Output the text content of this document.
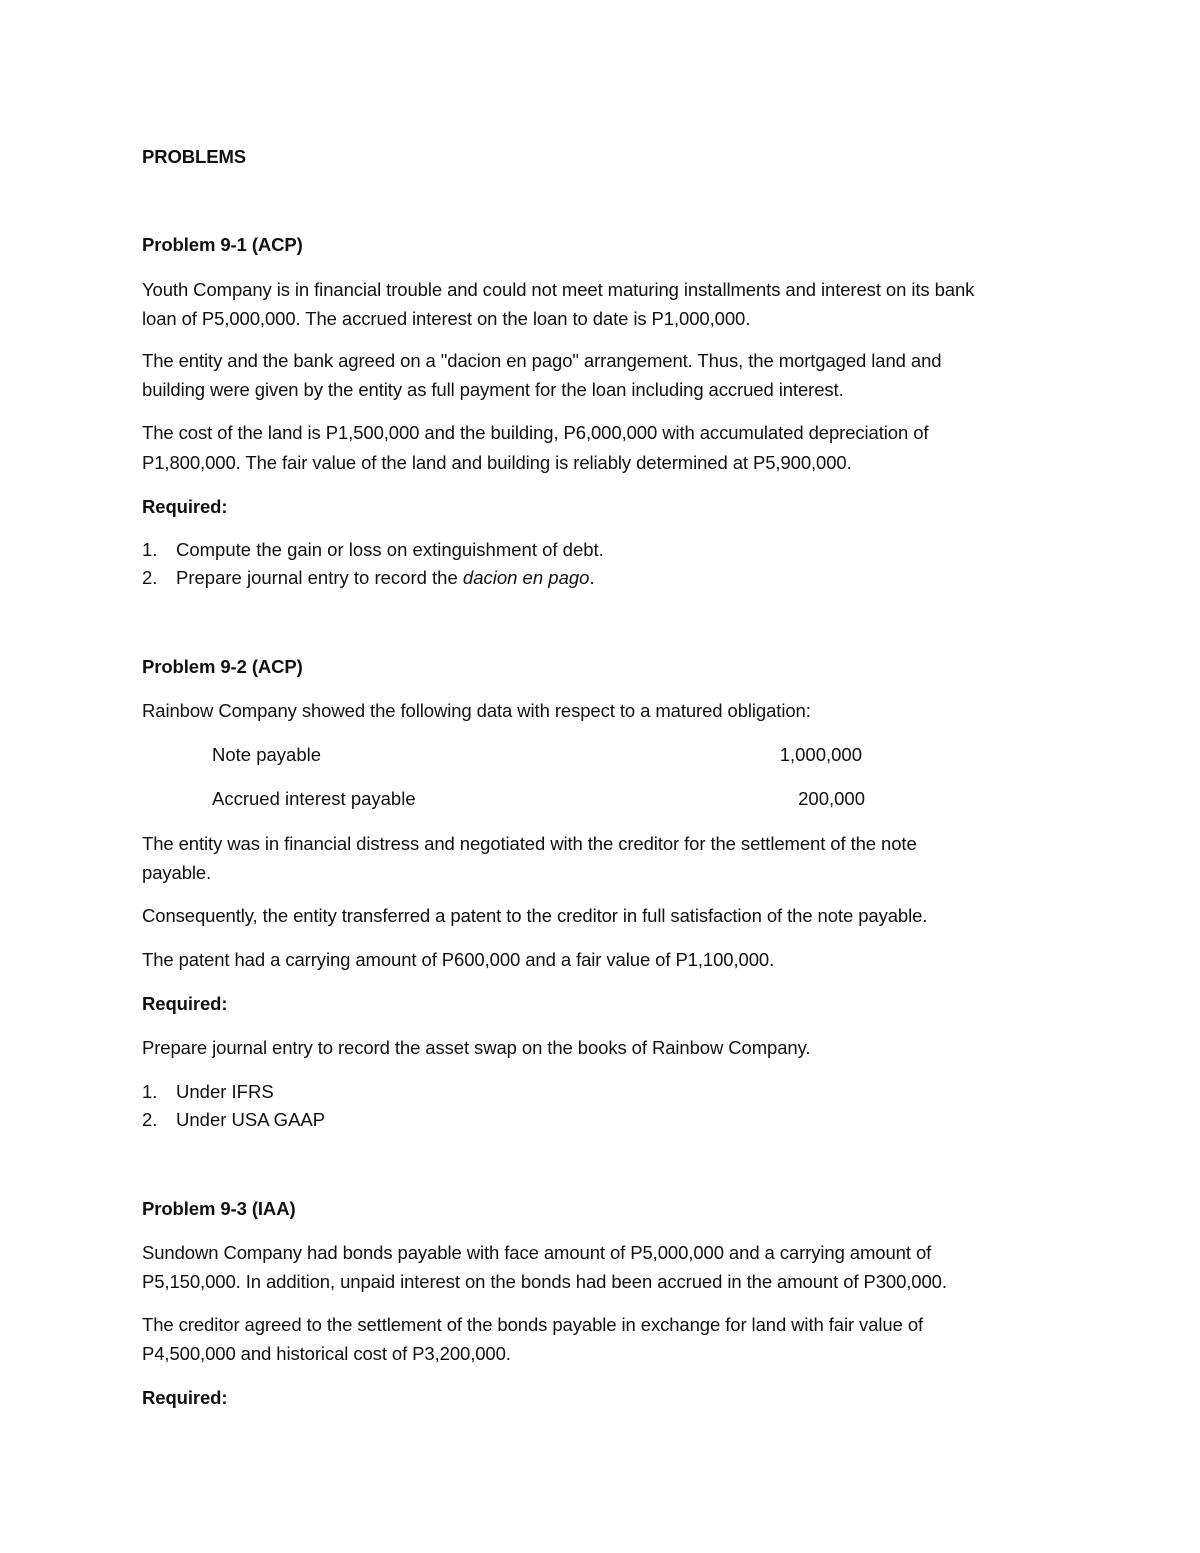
PROBLEMS
Problem 9-1 (ACP)
Youth Company is in financial trouble and could not meet maturing installments and interest on its bank
loan of P5,000,000. The accrued interest on the loan to date is P1,000,000.
The entity and the bank agreed on a "dacion en pago" arrangement. Thus, the mortgaged land and
building were given by the entity as full payment for the loan including accrued interest.
The cost of the land is P1,500,000 and the building, P6,000,000 with accumulated depreciation of
P1,800,000. The fair value of the land and building is reliably determined at P5,900,000.
Required:
1.	Compute the gain or loss on extinguishment of debt.
2.	Prepare journal entry to record the dacion en pago.
Problem 9-2 (ACP)
Rainbow Company showed the following data with respect to a matured obligation:
Note payable	1,000,000
Accrued interest payable	200,000
The entity was in financial distress and negotiated with the creditor for the settlement of the note
payable.
Consequently, the entity transferred a patent to the creditor in full satisfaction of the note payable.
The patent had a carrying amount of P600,000 and a fair value of P1,100,000.
Required:
Prepare journal entry to record the asset swap on the books of Rainbow Company.
1.	Under IFRS
2.	Under USA GAAP
Problem 9-3 (IAA)
Sundown Company had bonds payable with face amount of P5,000,000 and a carrying amount of
P5,150,000. In addition, unpaid interest on the bonds had been accrued in the amount of P300,000.
The creditor agreed to the settlement of the bonds payable in exchange for land with fair value of
P4,500,000 and historical cost of P3,200,000.
Required:
